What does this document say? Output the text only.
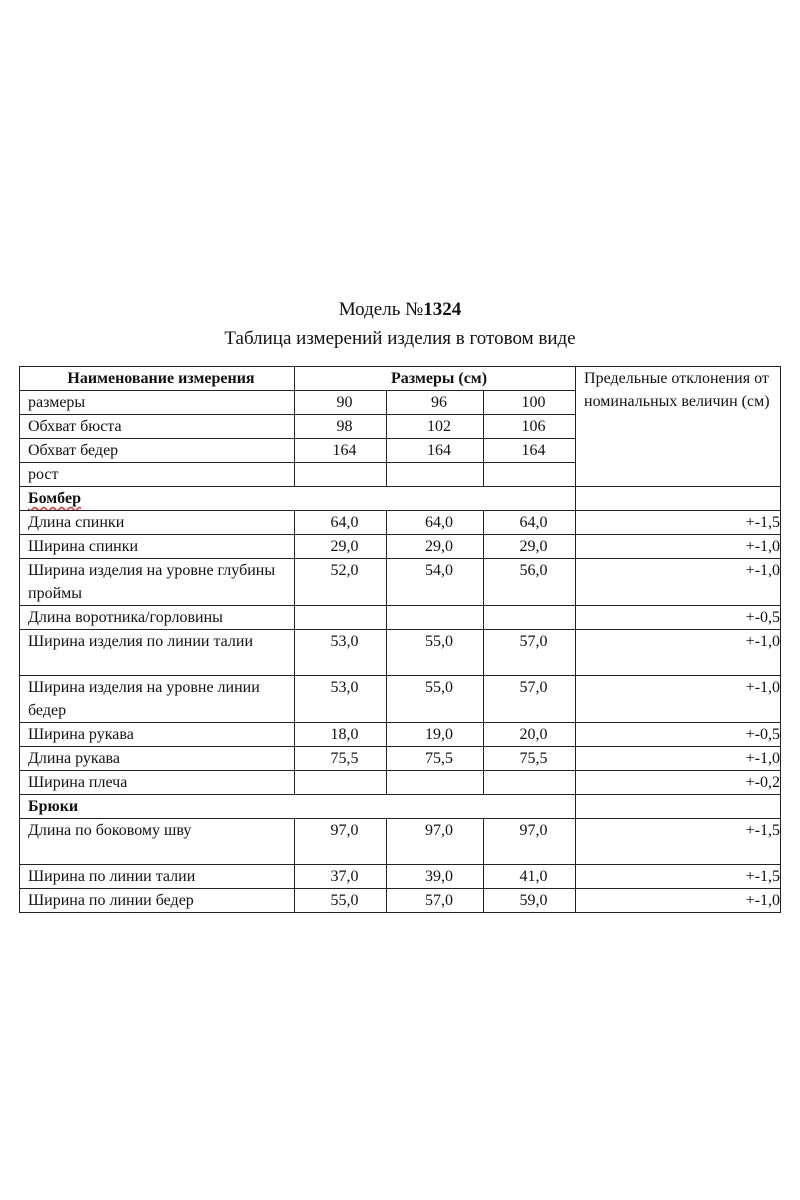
Модель №1324
Таблица измерений изделия в готовом виде
Наименование измерения	Размеры (см)			Предельные отклонения от номинальных величин (см)
размеры	90	96	100	
Обхват бюста	98	102	106	
Обхват бедер	164	164	164	
рост				
Бомбер				
Длина спинки	64,0	64,0	64,0	+-1,5
Ширина спинки	29,0	29,0	29,0	+-1,0
Ширина изделия на уровне глубины проймы	52,0	54,0	56,0	+-1,0
Длина воротника/горловины				+-0,5
Ширина изделия по линии талии	53,0	55,0	57,0	+-1,0
Ширина изделия на уровне линии бедер	53,0	55,0	57,0	+-1,0
Ширина рукава	18,0	19,0	20,0	+-0,5
Длина рукава	75,5	75,5	75,5	+-1,0
Ширина плеча				+-0,2
Брюки				
Длина по боковому шву	97,0	97,0	97,0	+-1,5
Ширина по линии талии	37,0	39,0	41,0	+-1,5
Ширина по линии бедер	55,0	57,0	59,0	+-1,0
